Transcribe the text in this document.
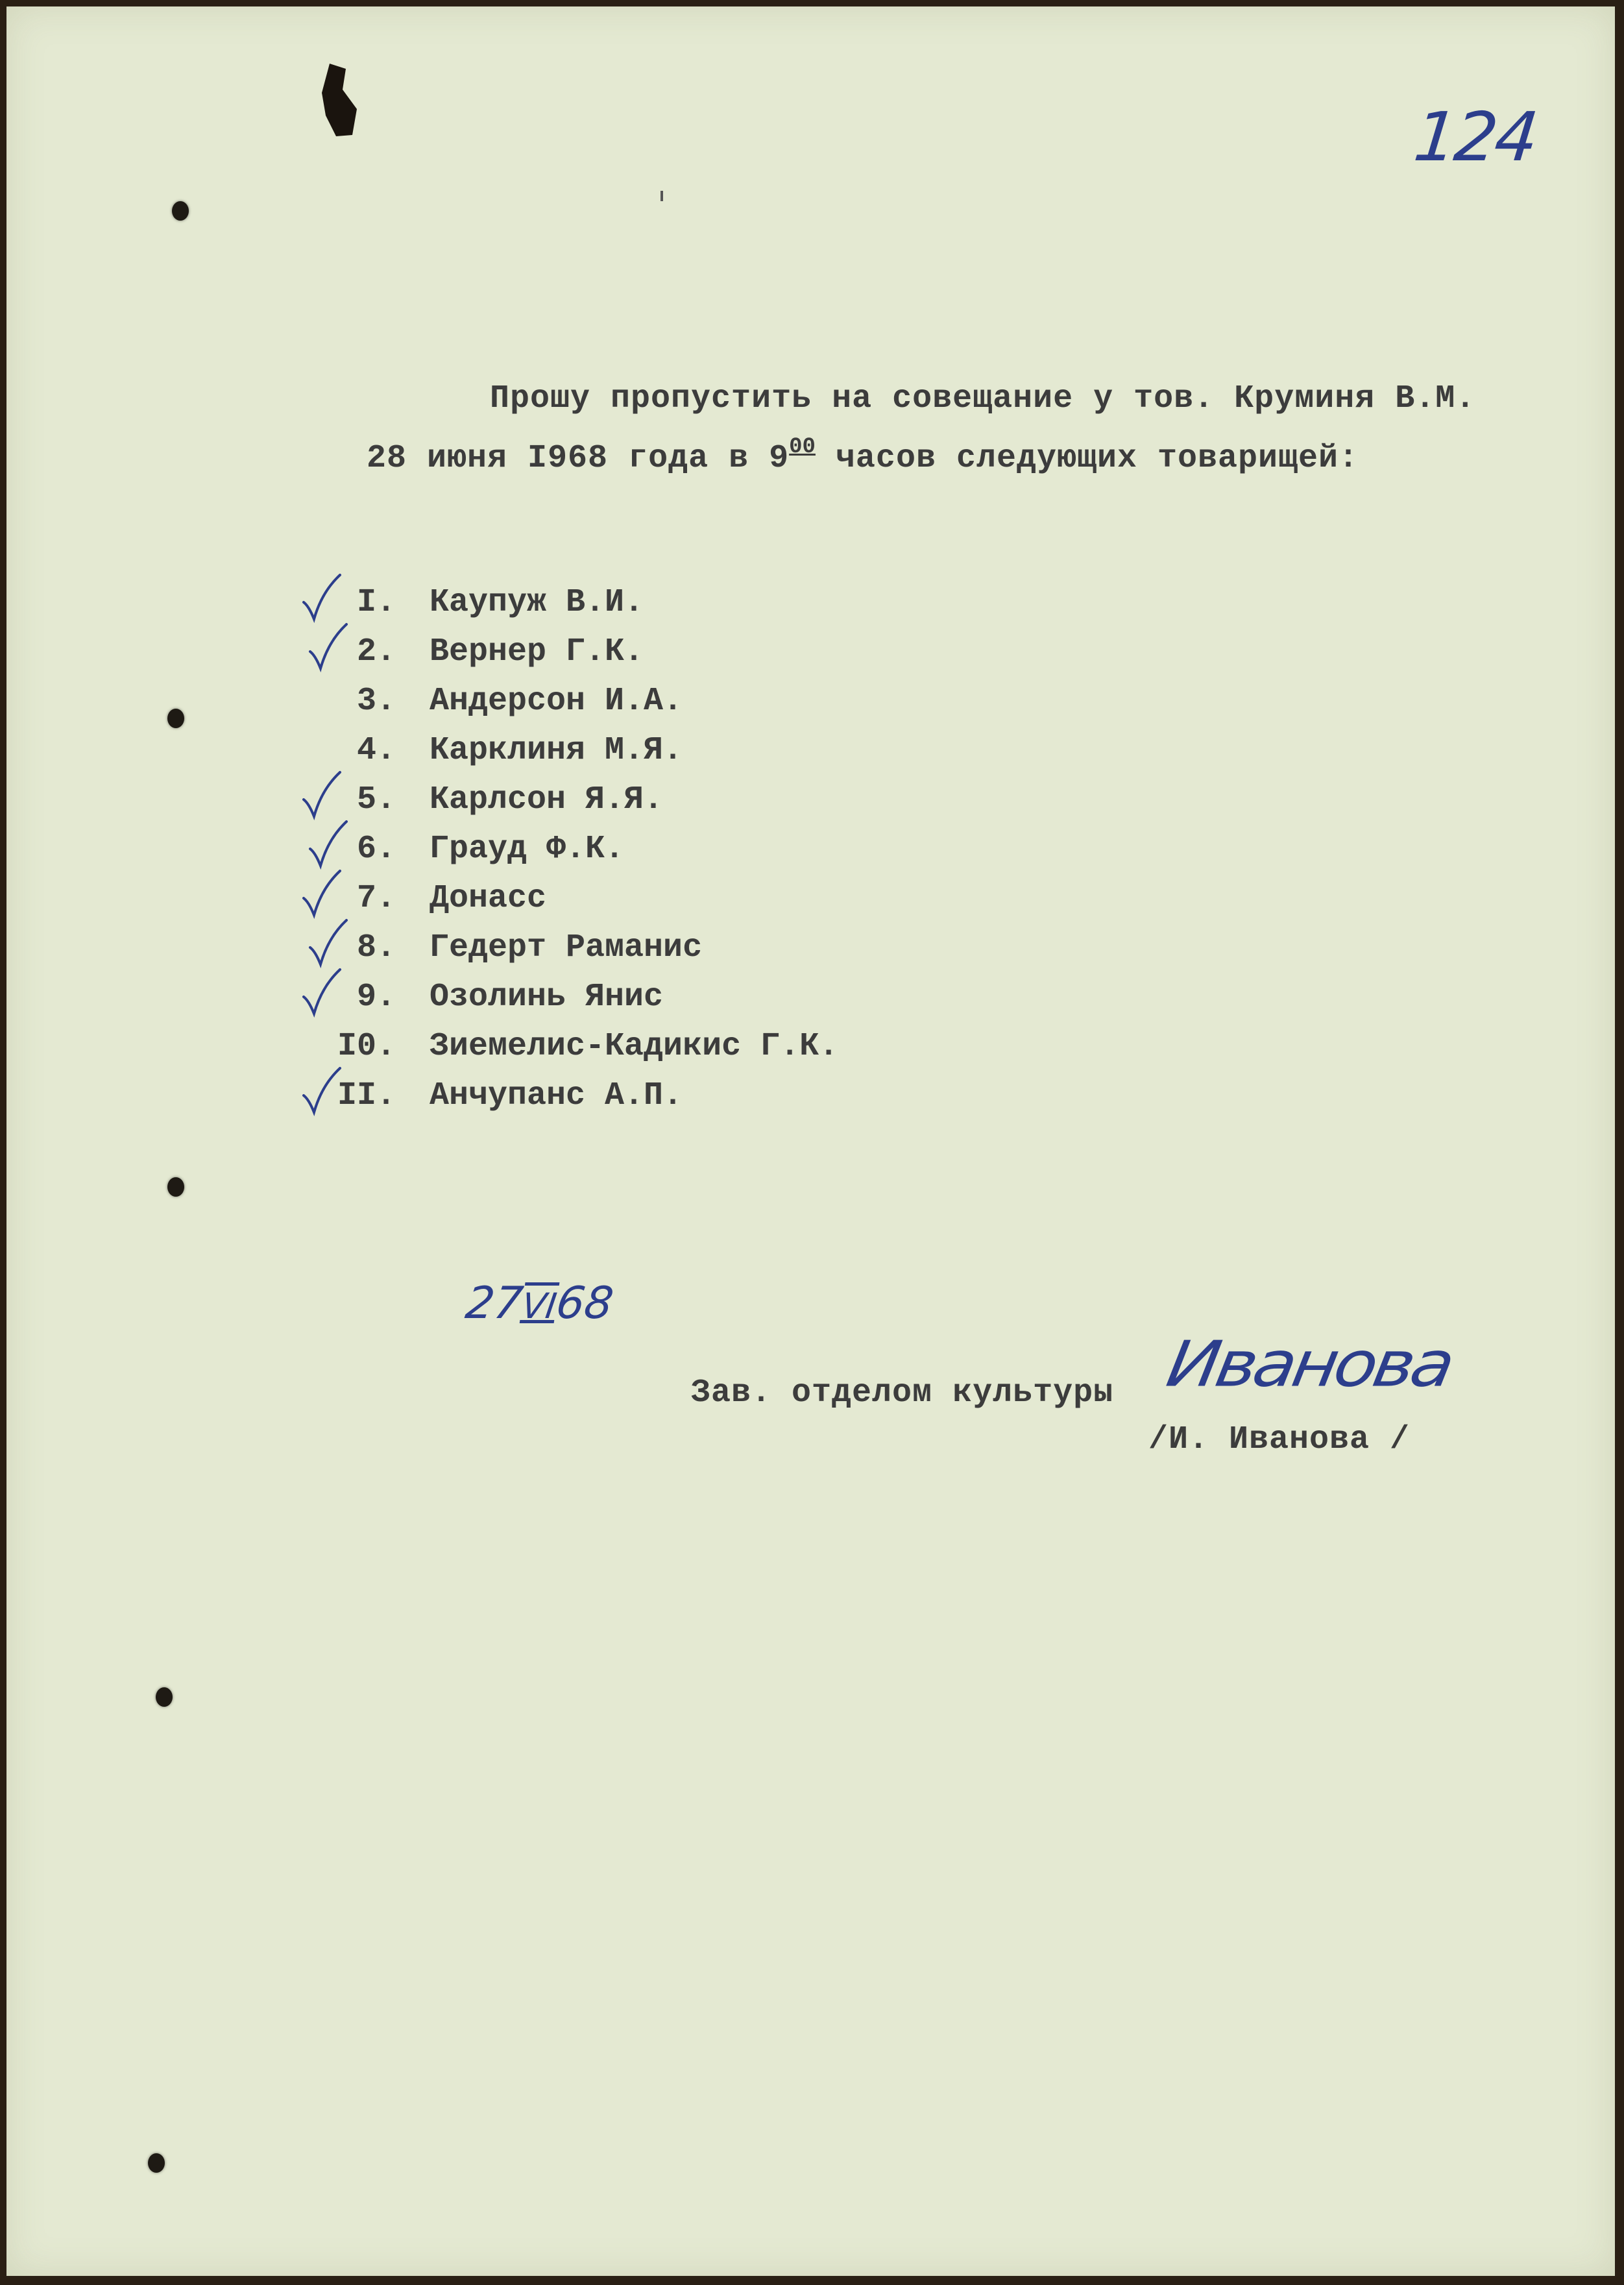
124
Прошу пропустить на совещание у тов. Круминя В.М.
28 июня I968 года в $9^{00}$ часов следующих товарищей:
I. Каупуж В.И.
2. Вернер Г.К.
3. Андерсон И.А.
4. Карклиня М.Я.
5. Карлсон Я.Я.
6. Грауд Ф.К.
7. Донасс
8. Гедерт Раманис
9. Озолинь Янис
I0. Зиемелис-Кадикис Г.К.
II. Анчупанс А.П.

27VI68

Зав. отделом культуры Иванова
/И. Иванова /
